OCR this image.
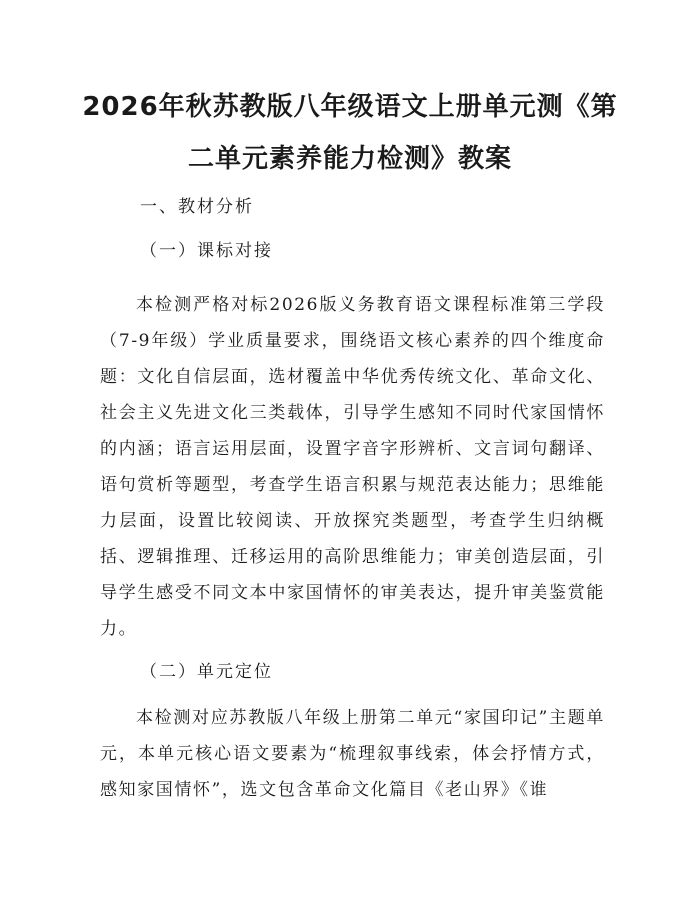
2026年秋苏教版八年级语文上册单元测《第
二单元素养能力检测》教案
一、教材分析
（一）课标对接
本检测严格对标2026版义务教育语文课程标准第三学段（7-9年级）学业质量要求，围绕语文核心素养的四个维度命题：文化自信层面，选材覆盖中华优秀传统文化、革命文化、社会主义先进文化三类载体，引导学生感知不同时代家国情怀的内涵；语言运用层面，设置字音字形辨析、文言词句翻译、语句赏析等题型，考查学生语言积累与规范表达能力；思维能力层面，设置比较阅读、开放探究类题型，考查学生归纳概括、逻辑推理、迁移运用的高阶思维能力；审美创造层面，引导学生感受不同文本中家国情怀的审美表达，提升审美鉴赏能力。
（二）单元定位
本检测对应苏教版八年级上册第二单元“家国印记”主题单元，本单元核心语文要素为“梳理叙事线索，体会抒情方式，感知家国情怀”，选文包含革命文化篇目《老山界》《谁
